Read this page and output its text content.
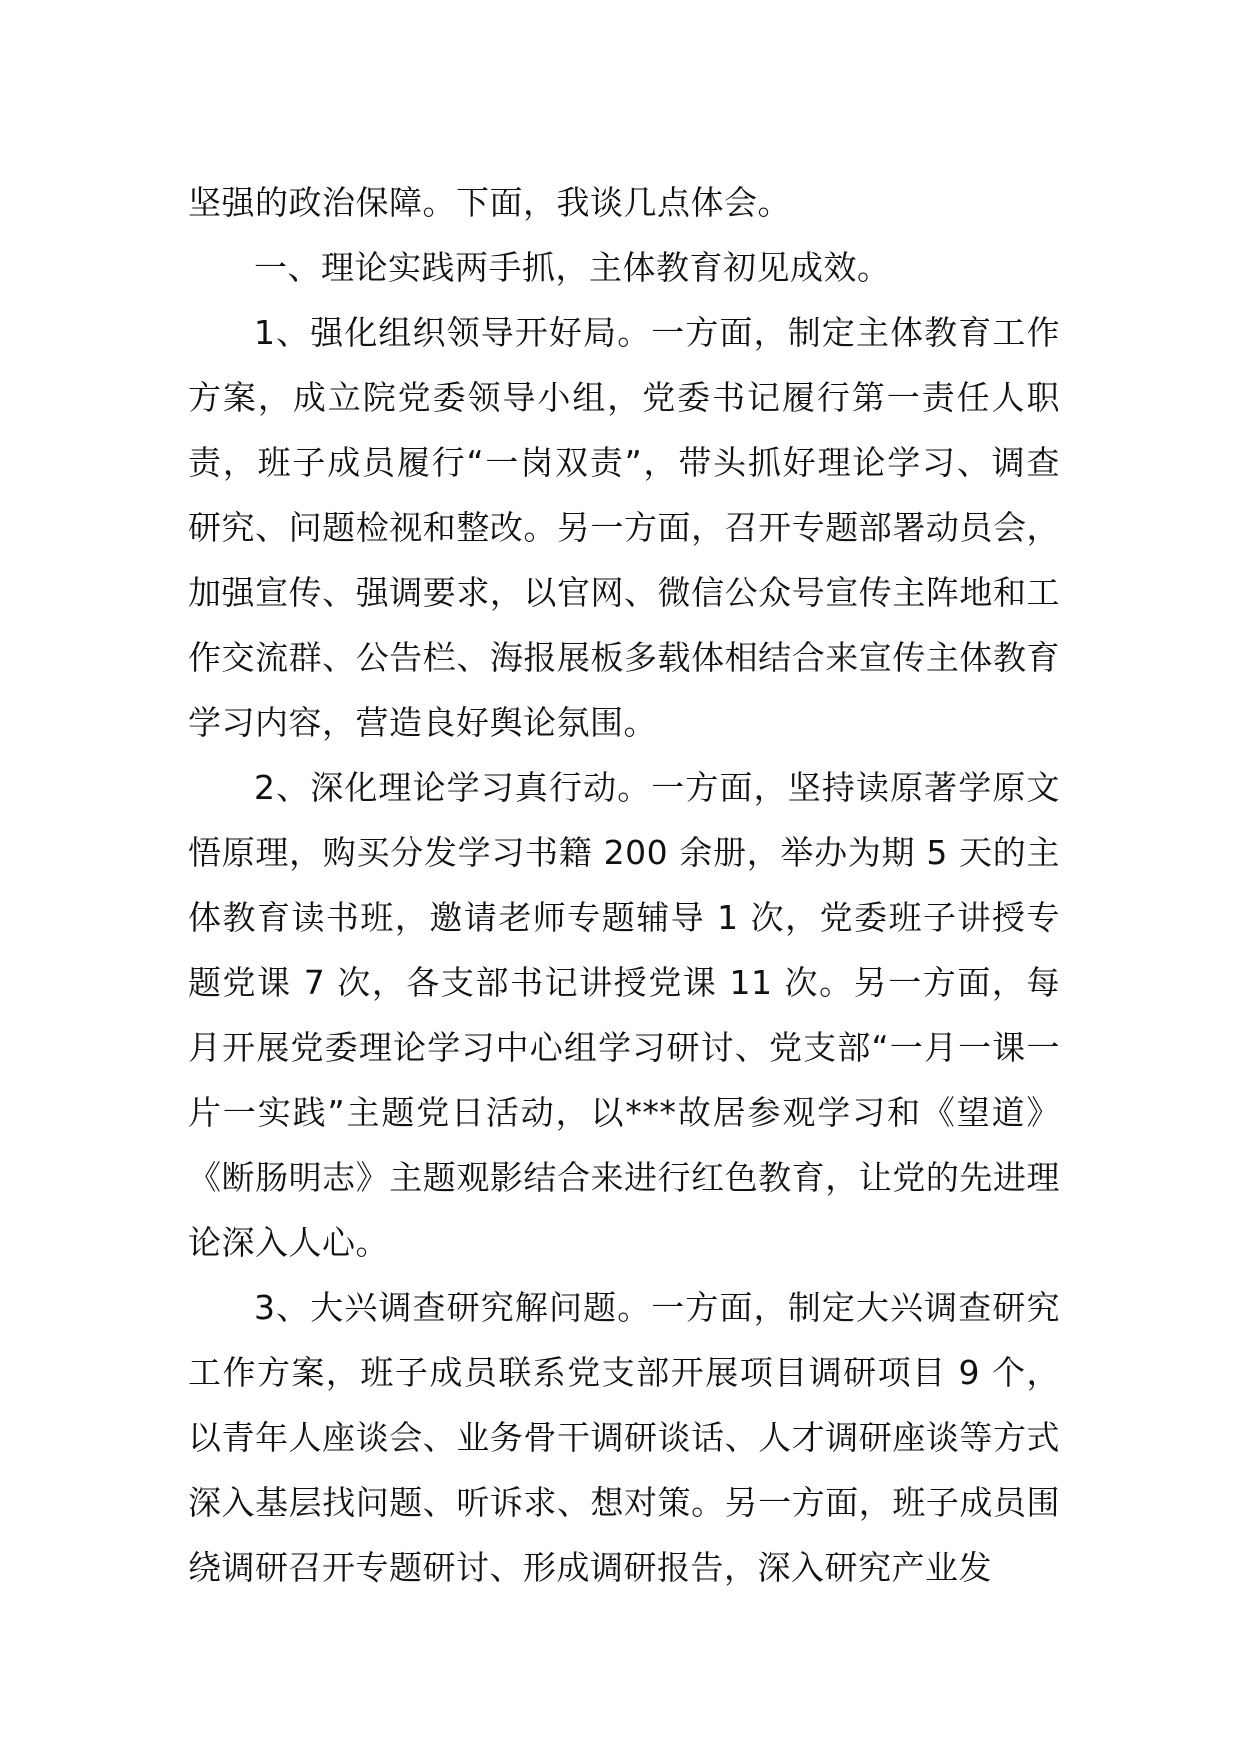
坚强的政治保障。下面，我谈几点体会。

一、理论实践两手抓，主体教育初见成效。

1、强化组织领导开好局。一方面，制定主体教育工作方案，成立院党委领导小组，党委书记履行第一责任人职责，班子成员履行“一岗双责”，带头抓好理论学习、调查研究、问题检视和整改。另一方面，召开专题部署动员会，加强宣传、强调要求，以官网、微信公众号宣传主阵地和工作交流群、公告栏、海报展板多载体相结合来宣传主体教育学习内容，营造良好舆论氛围。

2、深化理论学习真行动。一方面，坚持读原著学原文悟原理，购买分发学习书籍 200 余册，举办为期 5 天的主体教育读书班，邀请老师专题辅导 1 次，党委班子讲授专题党课 7 次，各支部书记讲授党课 11 次。另一方面，每月开展党委理论学习中心组学习研讨、党支部“一月一课一片一实践”主题党日活动，以***故居参观学习和《望道》《断肠明志》主题观影结合来进行红色教育，让党的先进理论深入人心。

3、大兴调查研究解问题。一方面，制定大兴调查研究工作方案，班子成员联系党支部开展项目调研项目 9 个，以青年人座谈会、业务骨干调研谈话、人才调研座谈等方式深入基层找问题、听诉求、想对策。另一方面，班子成员围绕调研召开专题研讨、形成调研报告，深入研究产业发
